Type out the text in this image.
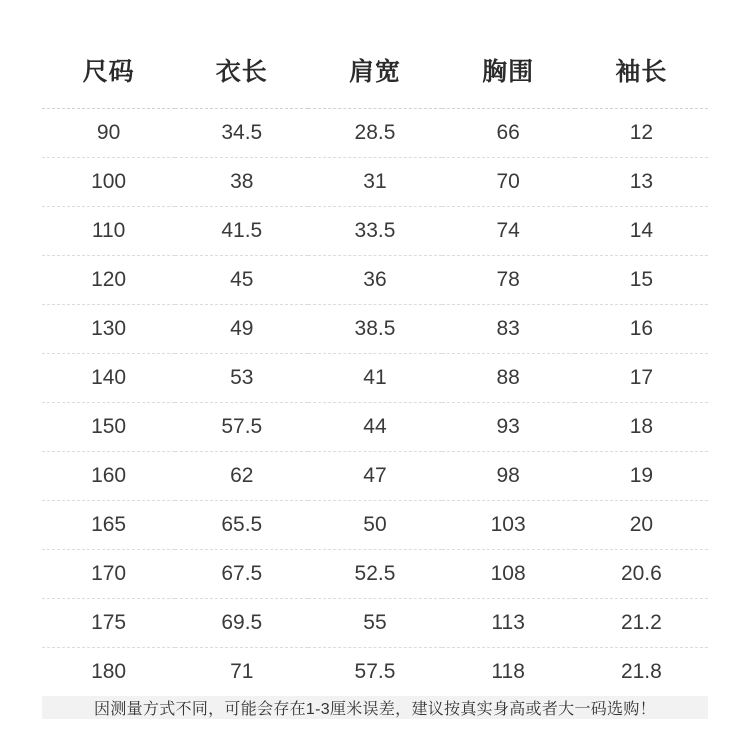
尺码	衣长	肩宽	胸围	袖长
90	34.5	28.5	66	12
100	38	31	70	13
110	41.5	33.5	74	14
120	45	36	78	15
130	49	38.5	83	16
140	53	41	88	17
150	57.5	44	93	18
160	62	47	98	19
165	65.5	50	103	20
170	67.5	52.5	108	20.6
175	69.5	55	113	21.2
180	71	57.5	118	21.8
因测量方式不同，可能会存在1-3厘米误差，建议按真实身高或者大一码选购！
